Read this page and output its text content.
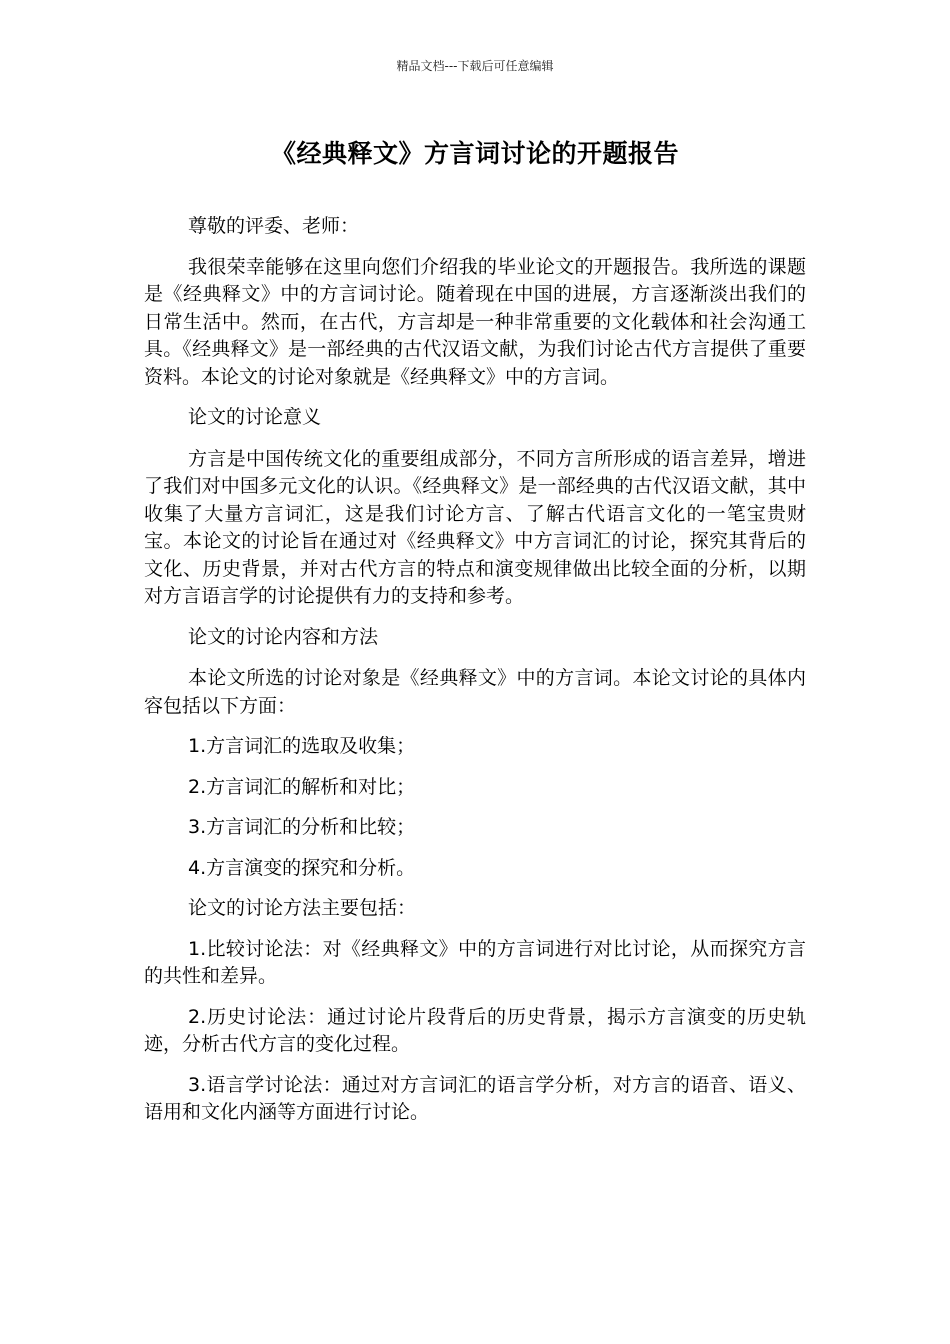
精品文档---下载后可任意编辑
《经典释文》方言词讨论的开题报告

尊敬的评委、老师：

我很荣幸能够在这里向您们介绍我的毕业论文的开题报告。我所选的课题是《经典释文》中的方言词讨论。随着现在中国的进展，方言逐渐淡出我们的日常生活中。然而，在古代，方言却是一种非常重要的文化载体和社会沟通工具。《经典释文》是一部经典的古代汉语文献，为我们讨论古代方言提供了重要资料。本论文的讨论对象就是《经典释文》中的方言词。

论文的讨论意义

方言是中国传统文化的重要组成部分，不同方言所形成的语言差异，增进了我们对中国多元文化的认识。《经典释文》是一部经典的古代汉语文献，其中收集了大量方言词汇，这是我们讨论方言、了解古代语言文化的一笔宝贵财宝。本论文的讨论旨在通过对《经典释文》中方言词汇的讨论，探究其背后的文化、历史背景，并对古代方言的特点和演变规律做出比较全面的分析，以期对方言语言学的讨论提供有力的支持和参考。

论文的讨论内容和方法

本论文所选的讨论对象是《经典释文》中的方言词。本论文讨论的具体内容包括以下方面：

1.方言词汇的选取及收集；

2.方言词汇的解析和对比；

3.方言词汇的分析和比较；

4.方言演变的探究和分析。

论文的讨论方法主要包括：

1.比较讨论法：对《经典释文》中的方言词进行对比讨论，从而探究方言的共性和差异。

2.历史讨论法：通过讨论片段背后的历史背景，揭示方言演变的历史轨迹，分析古代方言的变化过程。

3.语言学讨论法：通过对方言词汇的语言学分析，对方言的语音、语义、语用和文化内涵等方面进行讨论。
